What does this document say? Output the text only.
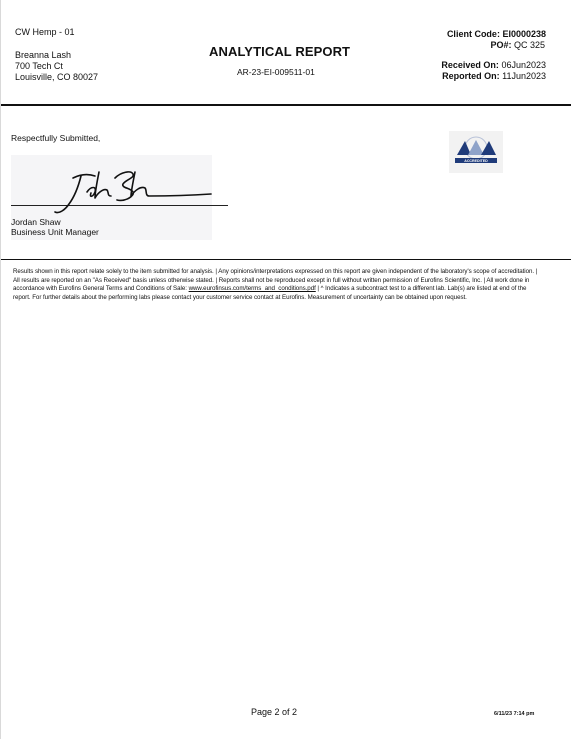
CW Hemp - 01
Breanna Lash
700 Tech Ct
Louisville, CO 80027
ANALYTICAL REPORT
AR-23-EI-009511-01
Client Code: EI0000238
PO#: QC 325
Received On: 06Jun2023
Reported On: 11Jun2023
Respectfully Submitted,
Jordan Shaw
Business Unit Manager
ACCREDITED
Results shown in this report relate solely to the item submitted for analysis. | Any opinions/interpretations expressed on this report are given independent of the laboratory's scope of accreditation. | All results are reported on an "As Received" basis unless otherwise stated. | Reports shall not be reproduced except in full without written permission of Eurofins Scientific, Inc. | All work done in accordance with Eurofins General Terms and Conditions of Sale: www.eurofinsus.com/terms_and_conditions.pdf | ^ Indicates a subcontract test to a different lab. Lab(s) are listed at end of the report. For further details about the performing labs please contact your customer service contact at Eurofins. Measurement of uncertainty can be obtained upon request.
Page 2 of 2	6/11/23 7:14 pm
